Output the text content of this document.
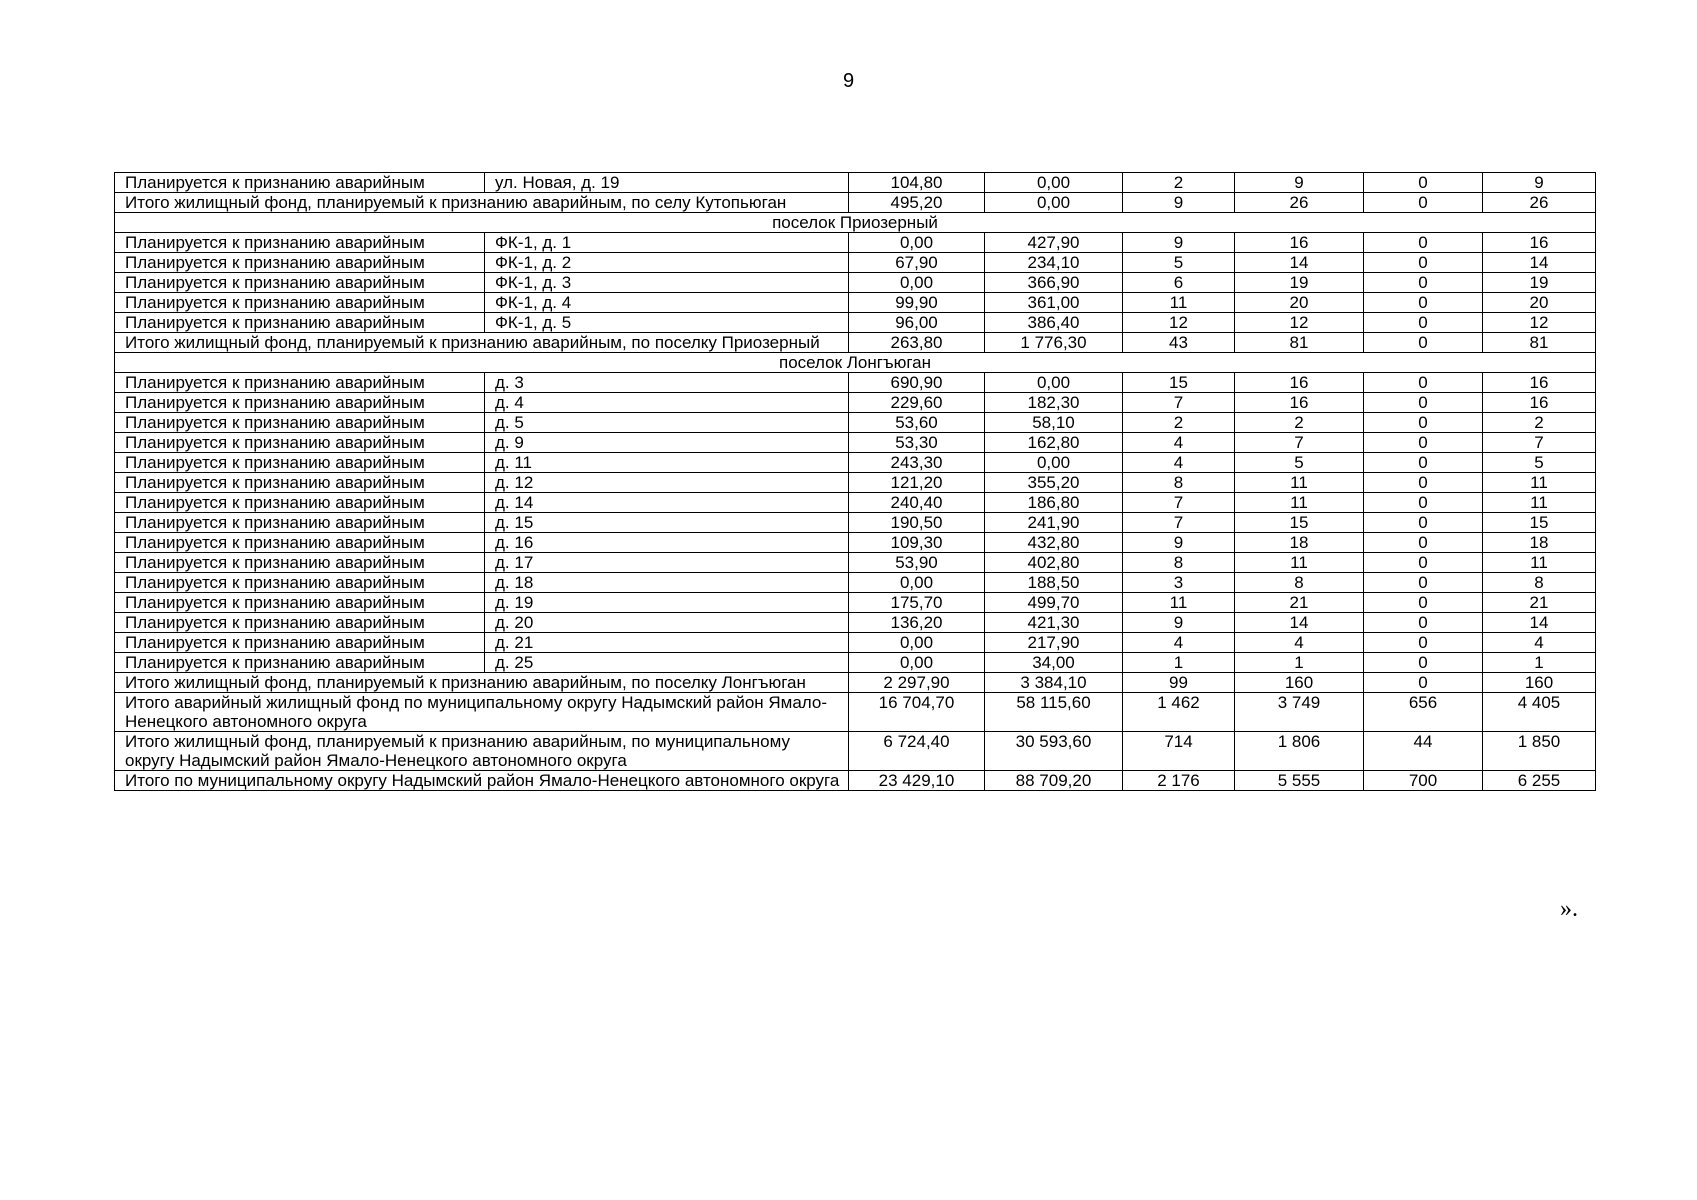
9
Планируется к признанию аварийным	ул. Новая, д. 19	104,80	0,00	2	9	0	9
Итого жилищный фонд, планируемый к признанию аварийным, по селу Кутопьюган		495,20	0,00	9	26	0	26
поселок Приозерный							
Планируется к признанию аварийным	ФК-1, д. 1	0,00	427,90	9	16	0	16
Планируется к признанию аварийным	ФК-1, д. 2	67,90	234,10	5	14	0	14
Планируется к признанию аварийным	ФК-1, д. 3	0,00	366,90	6	19	0	19
Планируется к признанию аварийным	ФК-1, д. 4	99,90	361,00	11	20	0	20
Планируется к признанию аварийным	ФК-1, д. 5	96,00	386,40	12	12	0	12
Итого жилищный фонд, планируемый к признанию аварийным, по поселку Приозерный		263,80	1 776,30	43	81	0	81
поселок Лонгъюган							
Планируется к признанию аварийным	д. 3	690,90	0,00	15	16	0	16
Планируется к признанию аварийным	д. 4	229,60	182,30	7	16	0	16
Планируется к признанию аварийным	д. 5	53,60	58,10	2	2	0	2
Планируется к признанию аварийным	д. 9	53,30	162,80	4	7	0	7
Планируется к признанию аварийным	д. 11	243,30	0,00	4	5	0	5
Планируется к признанию аварийным	д. 12	121,20	355,20	8	11	0	11
Планируется к признанию аварийным	д. 14	240,40	186,80	7	11	0	11
Планируется к признанию аварийным	д. 15	190,50	241,90	7	15	0	15
Планируется к признанию аварийным	д. 16	109,30	432,80	9	18	0	18
Планируется к признанию аварийным	д. 17	53,90	402,80	8	11	0	11
Планируется к признанию аварийным	д. 18	0,00	188,50	3	8	0	8
Планируется к признанию аварийным	д. 19	175,70	499,70	11	21	0	21
Планируется к признанию аварийным	д. 20	136,20	421,30	9	14	0	14
Планируется к признанию аварийным	д. 21	0,00	217,90	4	4	0	4
Планируется к признанию аварийным	д. 25	0,00	34,00	1	1	0	1
Итого жилищный фонд, планируемый к признанию аварийным, по поселку Лонгъюган		2 297,90	3 384,10	99	160	0	160
Итого аварийный жилищный фонд по муниципальному округу Надымский район Ямало-Ненецкого автономного округа		16 704,70	58 115,60	1 462	3 749	656	4 405
Итого жилищный фонд, планируемый к признанию аварийным, по муниципальному округу Надымский район Ямало-Ненецкого автономного округа		6 724,40	30 593,60	714	1 806	44	1 850
Итого по муниципальному округу Надымский район Ямало-Ненецкого автономного округа		23 429,10	88 709,20	2 176	5 555	700	6 255
».
